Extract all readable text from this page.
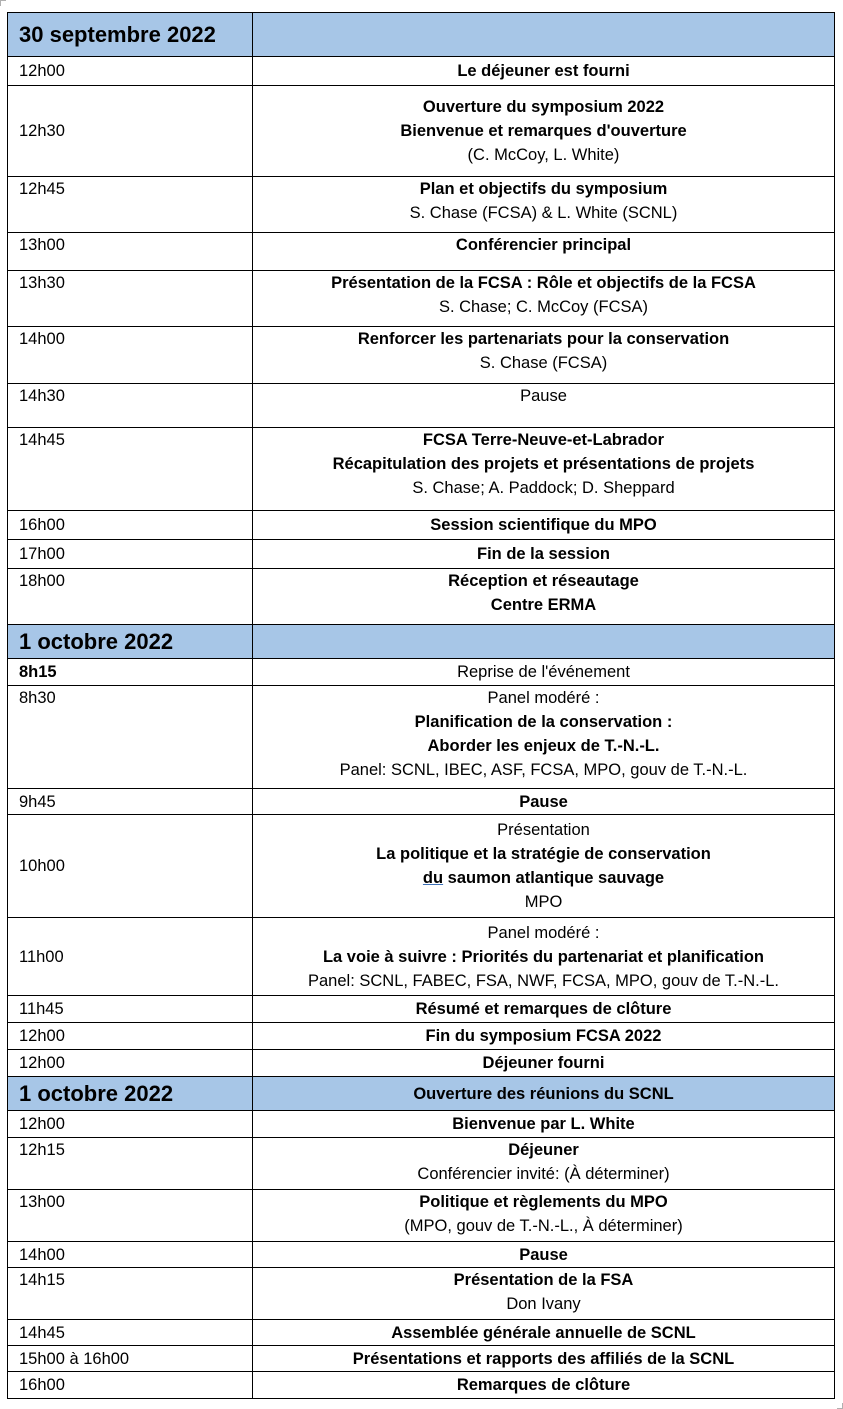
30 septembre 2022	
12h00	Le déjeuner est fourni

12h30	Ouverture du symposium 2022
Bienvenue et remarques d'ouverture
(C. McCoy, L. White)

12h45	Plan et objectifs du symposium
S. Chase (FCSA) & L. White (SCNL)

13h00	Conférencier principal

13h30	Présentation de la FCSA : Rôle et objectifs de la FCSA
S. Chase; C. McCoy (FCSA)

14h00	Renforcer les partenariats pour la conservation
S. Chase (FCSA)

14h30	Pause

14h45	FCSA Terre-Neuve-et-Labrador
Récapitulation des projets et présentations de projets
S. Chase; A. Paddock; D. Sheppard

16h00	Session scientifique du MPO

17h00	Fin de la session

18h00	Réception et réseautage
Centre ERMA

1 octobre 2022	
8h15	Reprise de l'événement

8h30	Panel modéré :
Planification de la conservation :
Aborder les enjeux de T.-N.-L.
Panel: SCNL, IBEC, ASF, FCSA, MPO, gouv de T.-N.-L.

9h45	Pause

10h00	Présentation
La politique et la stratégie de conservation
du saumon atlantique sauvage
MPO

11h00	Panel modéré :
La voie à suivre : Priorités du partenariat et planification
Panel: SCNL, FABEC, FSA, NWF, FCSA, MPO, gouv de T.-N.-L.

11h45	Résumé et remarques de clôture

12h00	Fin du symposium FCSA 2022

12h00	Déjeuner fourni

1 octobre 2022	Ouverture des réunions du SCNL
12h00	Bienvenue par L. White

12h15	Déjeuner
Conférencier invité: (À déterminer)

13h00	Politique et règlements du MPO
(MPO, gouv de T.-N.-L., À déterminer)

14h00	Pause

14h15	Présentation de la FSA
Don Ivany

14h45	Assemblée générale annuelle de SCNL

15h00 à 16h00	Présentations et rapports des affiliés de la SCNL

16h00	Remarques de clôture
